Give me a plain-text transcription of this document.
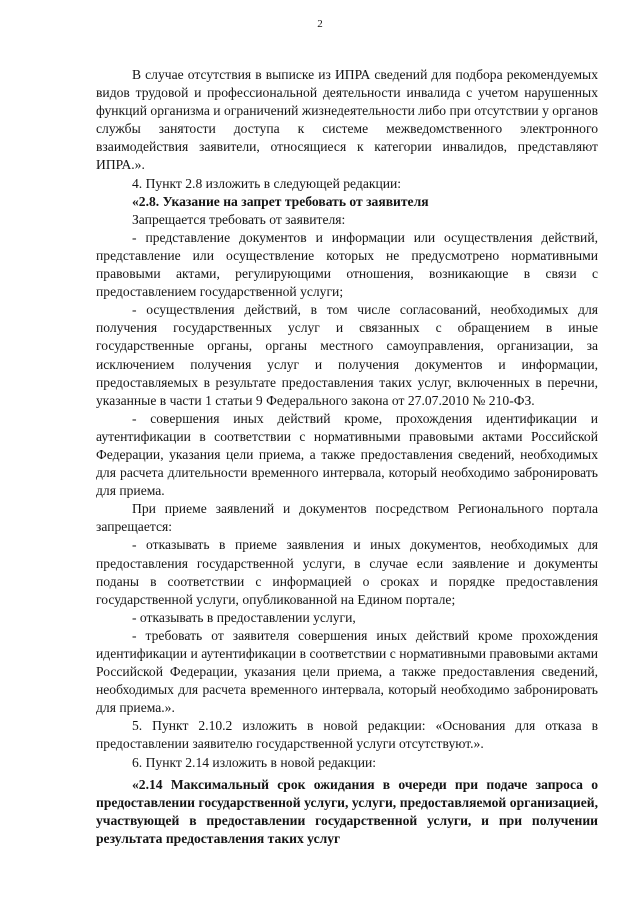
2

В случае отсутствия в выписке из ИПРА сведений для подбора рекомендуемых видов трудовой и профессиональной деятельности инвалида с учетом нарушенных функций организма и ограничений жизнедеятельности либо при отсутствии у органов службы занятости доступа к системе межведомственного электронного взаимодействия заявители, относящиеся к категории инвалидов, представляют ИПРА.».

4. Пункт 2.8 изложить в следующей редакции:

«2.8. Указание на запрет требовать от заявителя

Запрещается требовать от заявителя:

- представление документов и информации или осуществления действий, представление или осуществление которых не предусмотрено нормативными правовыми актами, регулирующими отношения, возникающие в связи с предоставлением государственной услуги;

- осуществления действий, в том числе согласований, необходимых для получения государственных услуг и связанных с обращением в иные государственные органы, органы местного самоуправления, организации, за исключением получения услуг и получения документов и информации, предоставляемых в результате предоставления таких услуг, включенных в перечни, указанные в части 1 статьи 9 Федерального закона от 27.07.2010 № 210-ФЗ.

- совершения иных действий кроме, прохождения идентификации и аутентификации в соответствии с нормативными правовыми актами Российской Федерации, указания цели приема, а также предоставления сведений, необходимых для расчета длительности временного интервала, который необходимо забронировать для приема.

При приеме заявлений и документов посредством Регионального портала запрещается:

- отказывать в приеме заявления и иных документов, необходимых для предоставления государственной услуги, в случае если заявление и документы поданы в соответствии с информацией о сроках и порядке предоставления государственной услуги, опубликованной на Едином портале;

- отказывать в предоставлении услуги,

- требовать от заявителя совершения иных действий кроме прохождения идентификации и аутентификации в соответствии с нормативными правовыми актами Российской Федерации, указания цели приема, а также предоставления сведений, необходимых для расчета временного интервала, который необходимо забронировать для приема.».

5. Пункт 2.10.2 изложить в новой редакции: «Основания для отказа в предоставлении заявителю государственной услуги отсутствуют.».

6. Пункт 2.14 изложить в новой редакции:

«2.14 Максимальный срок ожидания в очереди при подаче запроса о предоставлении государственной услуги, услуги, предоставляемой организацией, участвующей в предоставлении государственной услуги, и при получении результата предоставления таких услуг
